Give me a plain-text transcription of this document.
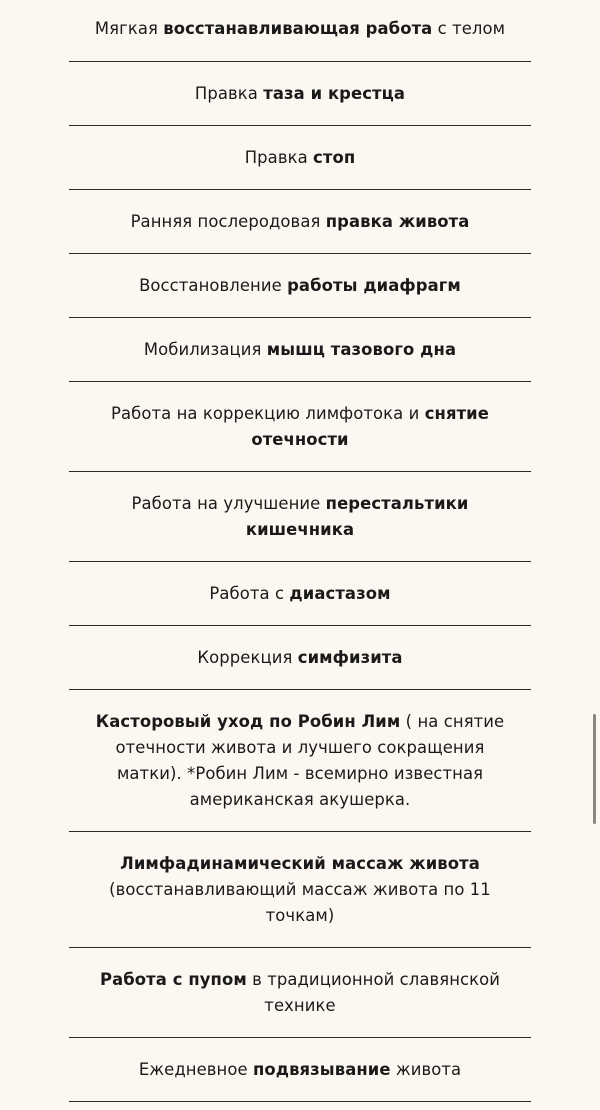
Мягкая восстанавливающая работа с телом
Правка таза и крестца
Правка стоп
Ранняя послеродовая правка живота
Восстановление работы диафрагм
Мобилизация мышц тазового дна
Работа на коррекцию лимфотока и снятие отечности
Работа на улучшение перестальтики кишечника
Работа с диастазом
Коррекция симфизита
Касторовый уход по Робин Лим ( на снятие отечности живота и лучшего сокращения матки). *Робин Лим - всемирно известная американская акушерка.
Лимфадинамический массаж живота (восстанавливающий массаж живота по 11 точкам)
Работа с пупом в традиционной славянской технике
Ежедневное подвязывание живота
